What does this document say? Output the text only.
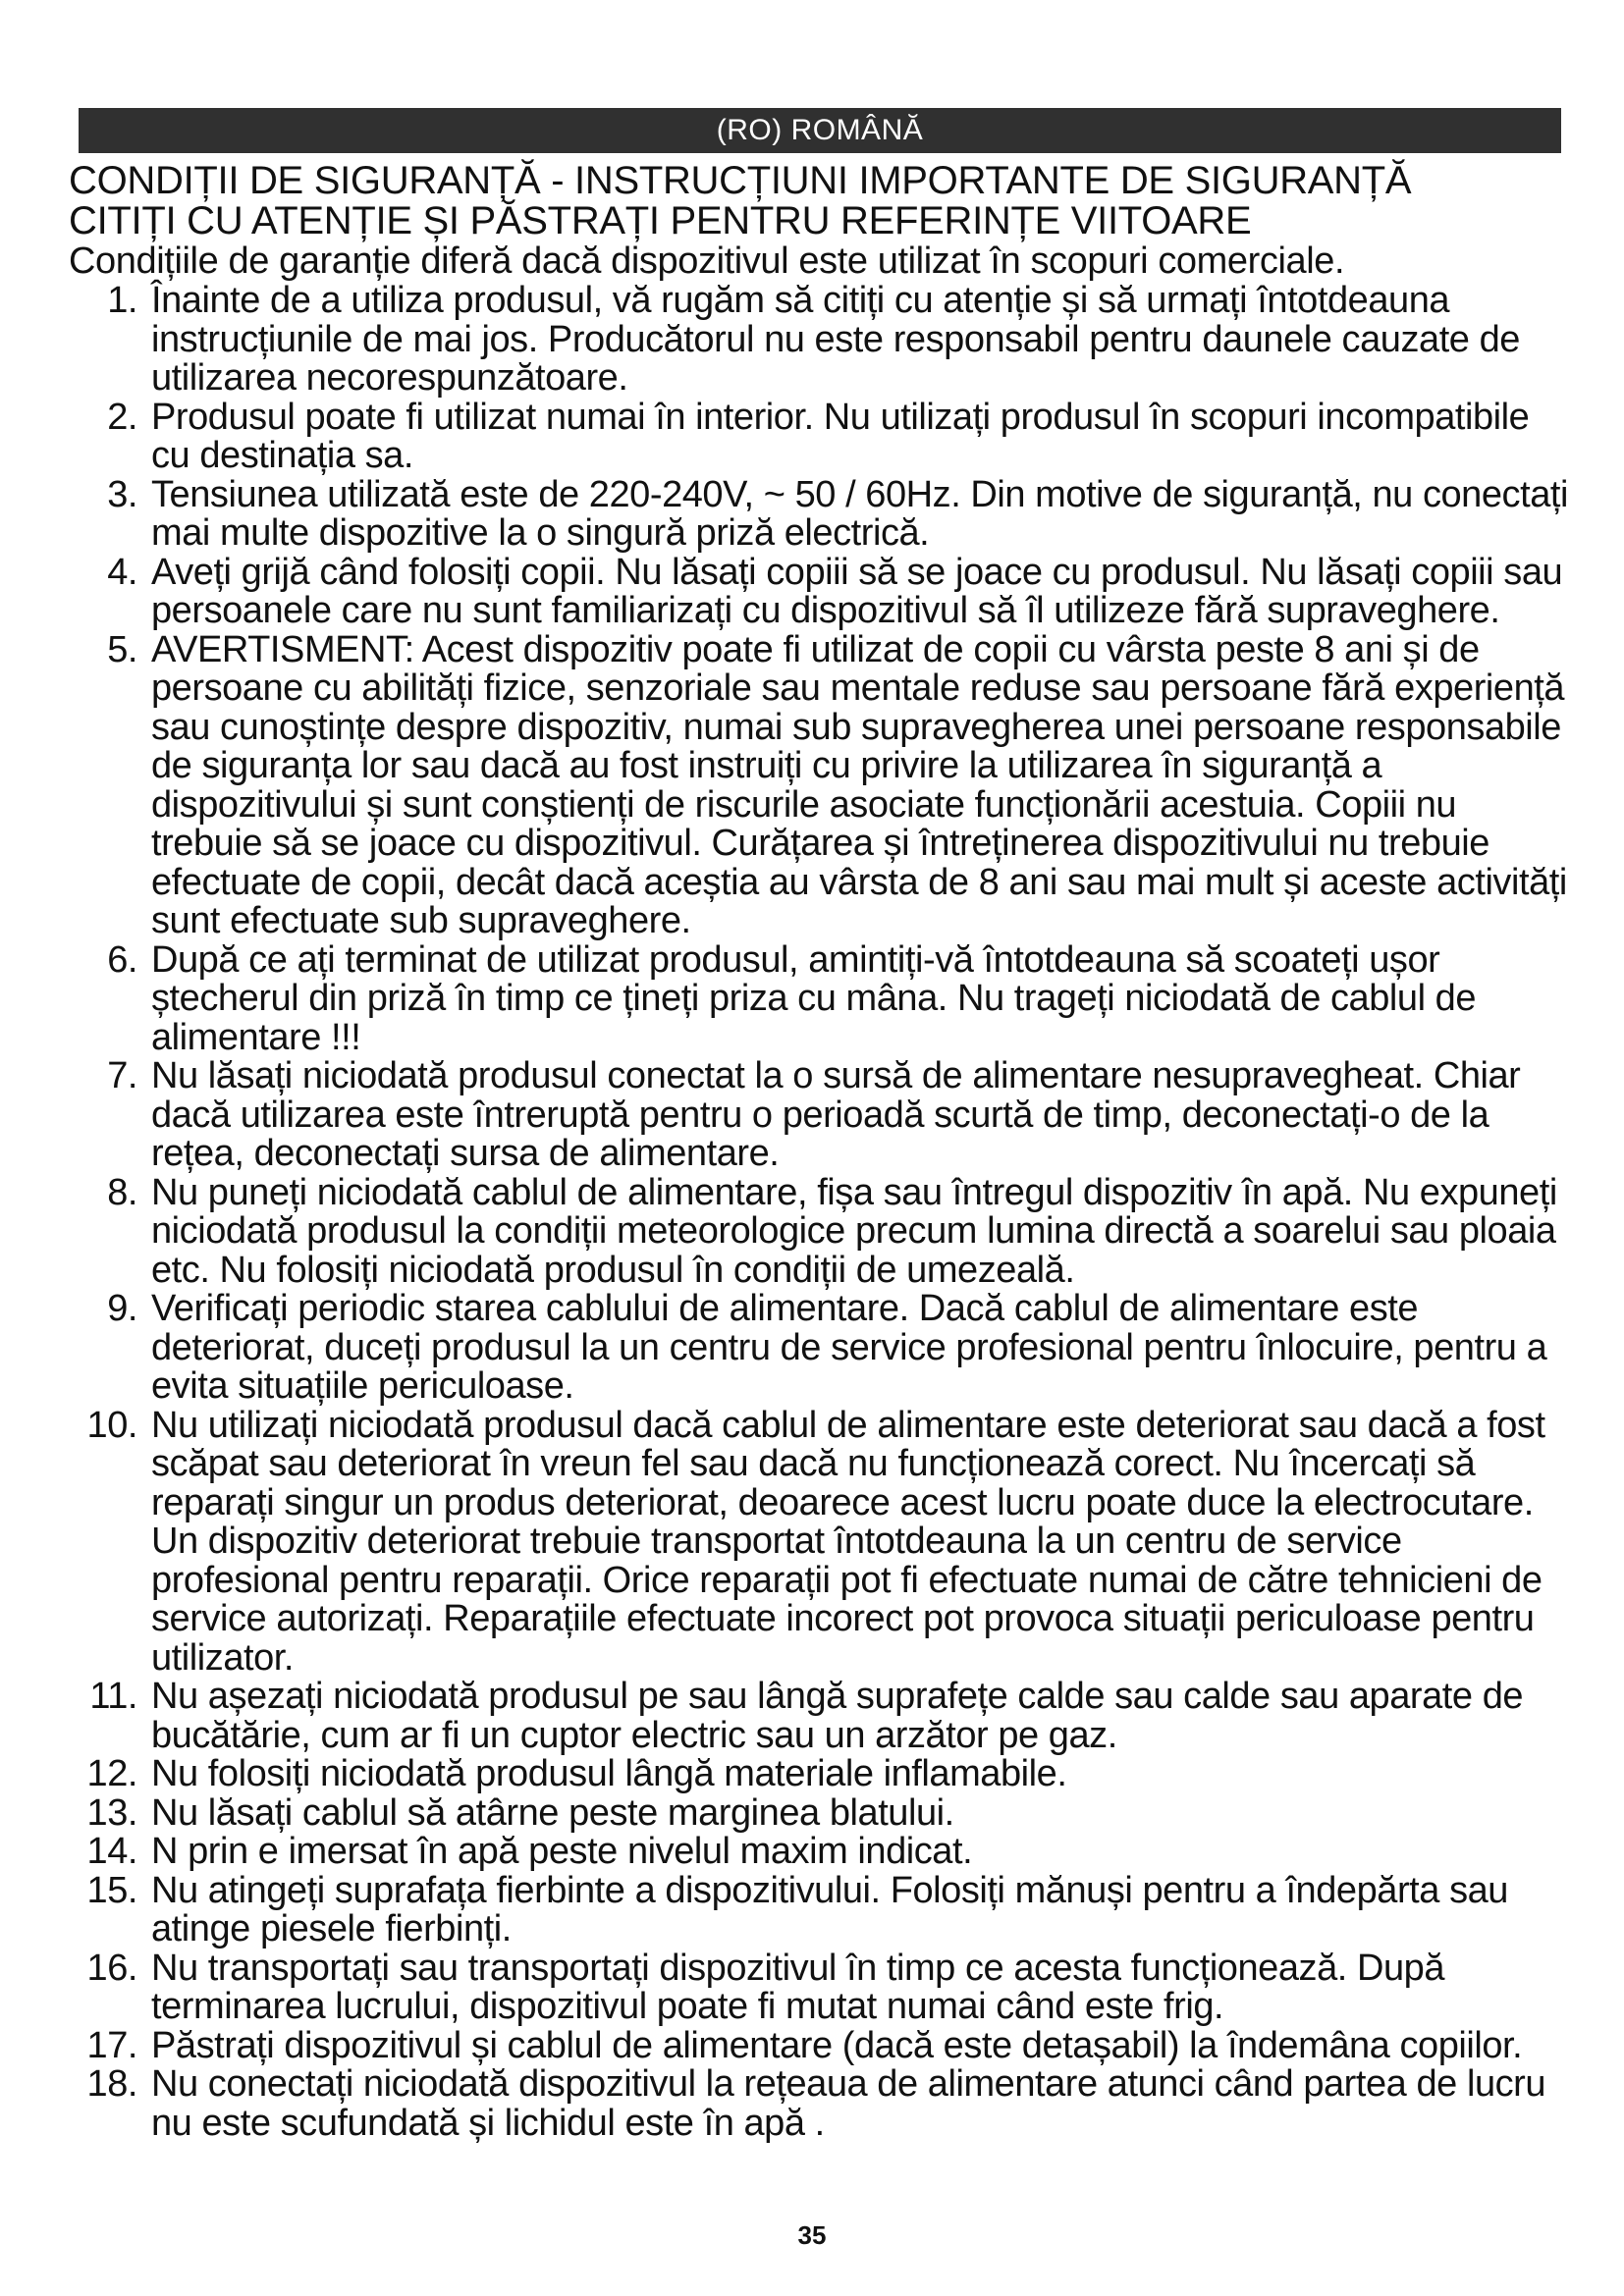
(RO) ROMÂNĂ

CONDIȚII DE SIGURANȚĂ - INSTRUCȚIUNI IMPORTANTE DE SIGURANȚĂ

CITIȚI CU ATENȚIE ȘI PĂSTRAȚI PENTRU REFERINȚE VIITOARE

Condițiile de garanție diferă dacă dispozitivul este utilizat în scopuri comerciale.

1. Înainte de a utiliza produsul, vă rugăm să citiți cu atenție și să urmați întotdeauna instrucțiunile de mai jos. Producătorul nu este responsabil pentru daunele cauzate de utilizarea necorespunzătoare.
2. Produsul poate fi utilizat numai în interior. Nu utilizați produsul în scopuri incompatibile cu destinația sa.
3. Tensiunea utilizată este de 220-240V, ~ 50 / 60Hz. Din motive de siguranță, nu conectați mai multe dispozitive la o singură priză electrică.
4. Aveți grijă când folosiți copii. Nu lăsați copiii să se joace cu produsul. Nu lăsați copiii sau persoanele care nu sunt familiarizați cu dispozitivul să îl utilizeze fără supraveghere.
5. AVERTISMENT: Acest dispozitiv poate fi utilizat de copii cu vârsta peste 8 ani și de persoane cu abilități fizice, senzoriale sau mentale reduse sau persoane fără experiență sau cunoștințe despre dispozitiv, numai sub supravegherea unei persoane responsabile de siguranța lor sau dacă au fost instruiți cu privire la utilizarea în siguranță a dispozitivului și sunt conștienți de riscurile asociate funcționării acestuia. Copiii nu trebuie să se joace cu dispozitivul. Curățarea și întreținerea dispozitivului nu trebuie efectuate de copii, decât dacă aceștia au vârsta de 8 ani sau mai mult și aceste activități sunt efectuate sub supraveghere.
6. După ce ați terminat de utilizat produsul, amintiți-vă întotdeauna să scoateți ușor ștecherul din priză în timp ce țineți priza cu mâna. Nu trageți niciodată de cablul de alimentare !!!
7. Nu lăsați niciodată produsul conectat la o sursă de alimentare nesupravegheat. Chiar dacă utilizarea este întreruptă pentru o perioadă scurtă de timp, deconectați-o de la rețea, deconectați sursa de alimentare.
8. Nu puneți niciodată cablul de alimentare, fișa sau întregul dispozitiv în apă. Nu expuneți niciodată produsul la condiții meteorologice precum lumina directă a soarelui sau ploaia etc. Nu folosiți niciodată produsul în condiții de umezeală.
9. Verificați periodic starea cablului de alimentare. Dacă cablul de alimentare este deteriorat, duceți produsul la un centru de service profesional pentru înlocuire, pentru a evita situațiile periculoase.
10. Nu utilizați niciodată produsul dacă cablul de alimentare este deteriorat sau dacă a fost scăpat sau deteriorat în vreun fel sau dacă nu funcționează corect. Nu încercați să reparați singur un produs deteriorat, deoarece acest lucru poate duce la electrocutare. Un dispozitiv deteriorat trebuie transportat întotdeauna la un centru de service profesional pentru reparații. Orice reparații pot fi efectuate numai de către tehnicieni de service autorizați. Reparațiile efectuate incorect pot provoca situații periculoase pentru utilizator.
11. Nu așezați niciodată produsul pe sau lângă suprafețe calde sau calde sau aparate de bucătărie, cum ar fi un cuptor electric sau un arzător pe gaz.
12. Nu folosiți niciodată produsul lângă materiale inflamabile.
13. Nu lăsați cablul să atârne peste marginea blatului.
14. N prin e imersat în apă peste nivelul maxim indicat.
15. Nu atingeți suprafața fierbinte a dispozitivului. Folosiți mănuși pentru a îndepărta sau atinge piesele fierbinți.
16. Nu transportați sau transportați dispozitivul în timp ce acesta funcționează. După terminarea lucrului, dispozitivul poate fi mutat numai când este frig.
17. Păstrați dispozitivul și cablul de alimentare (dacă este detașabil) la îndemâna copiilor.
18. Nu conectați niciodată dispozitivul la rețeaua de alimentare atunci când partea de lucru nu este scufundată și lichidul este în apă .
35
